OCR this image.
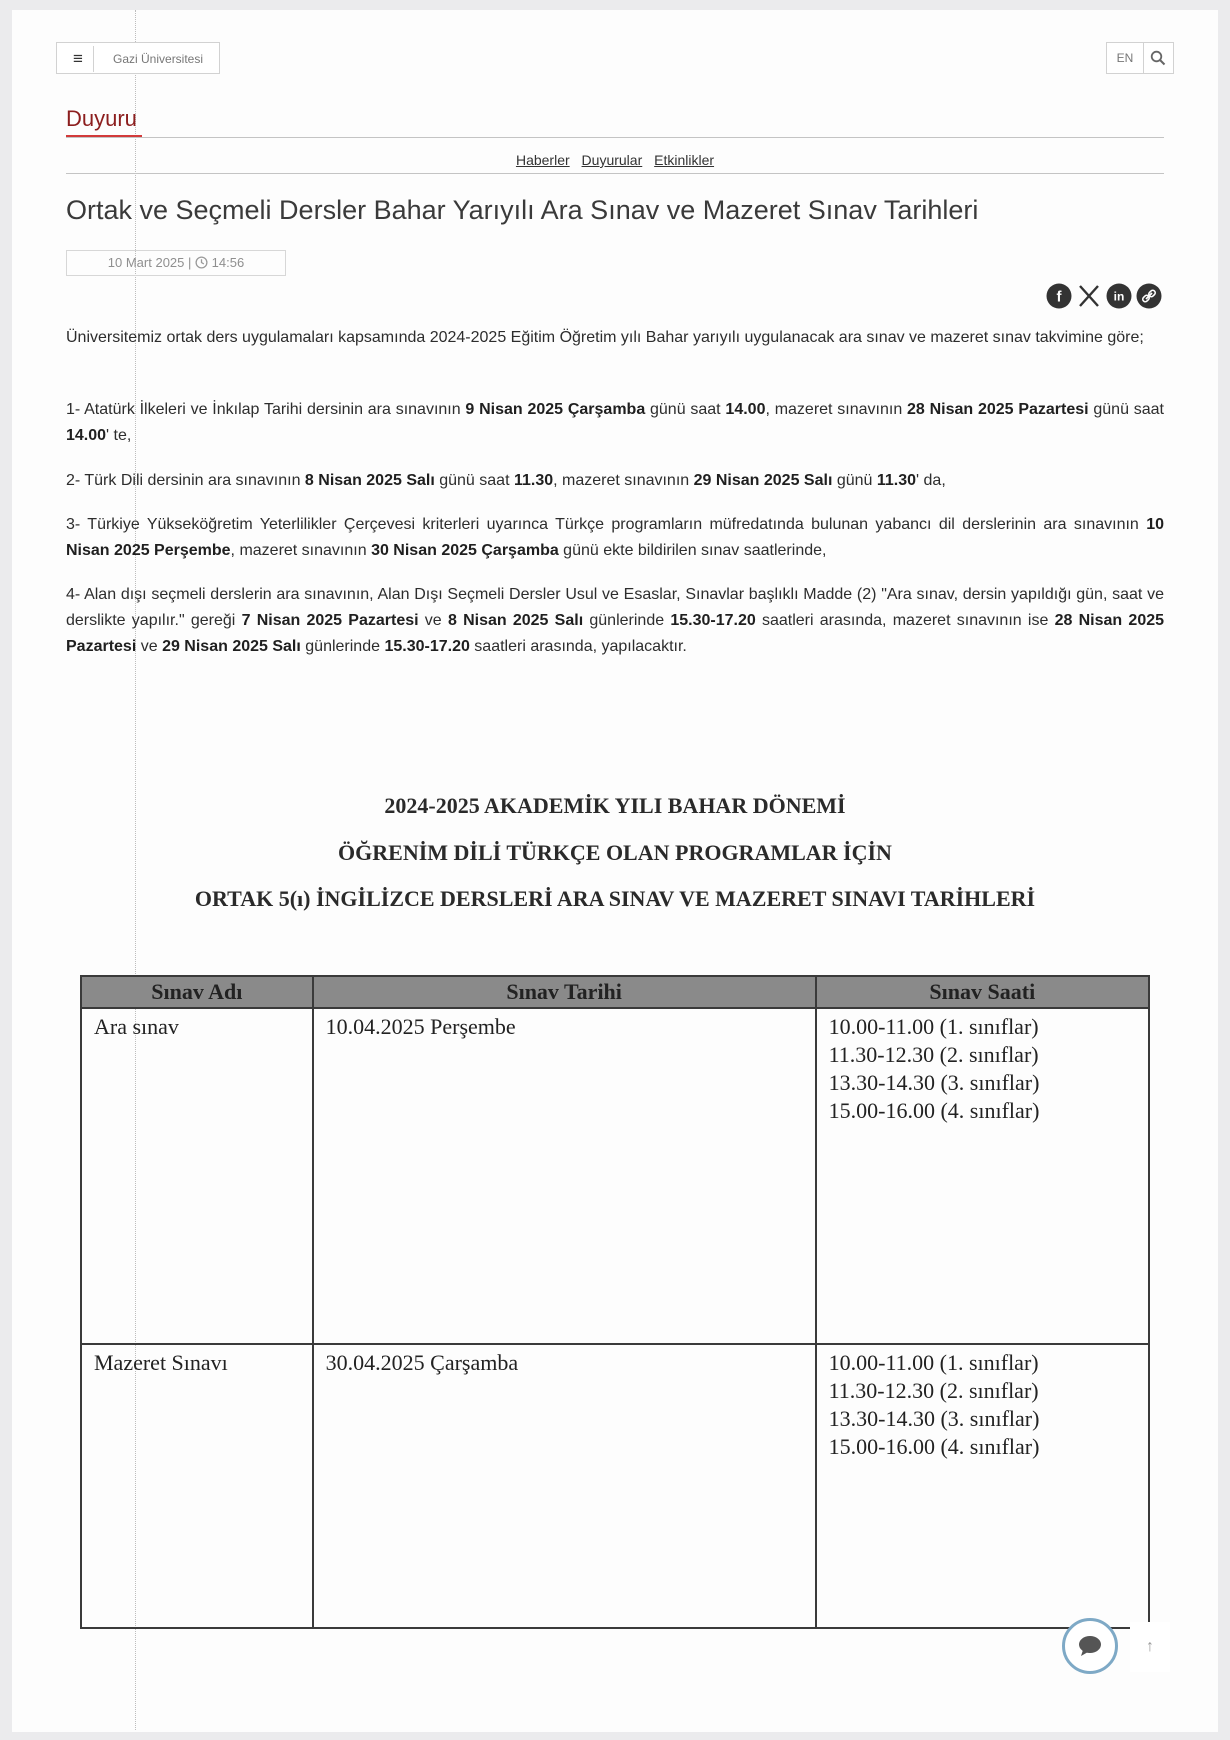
≡	Gazi Üniversitesi	EN
Duyuru
Haberler Duyurular Etkinlikler
Ortak ve Seçmeli Dersler Bahar Yarıyılı Ara Sınav ve Mazeret Sınav Tarihleri
10 Mart 2025 | 14:56
f	in
Üniversitemiz ortak ders uygulamaları kapsamında 2024-2025 Eğitim Öğretim yılı Bahar yarıyılı uygulanacak ara sınav ve mazeret sınav takvimine göre;
1- Atatürk İlkeleri ve İnkılap Tarihi dersinin ara sınavının 9 Nisan 2025 Çarşamba günü saat 14.00, mazeret sınavının 28 Nisan 2025 Pazartesi günü saat 14.00' te,
2- Türk Dili dersinin ara sınavının 8 Nisan 2025 Salı günü saat 11.30, mazeret sınavının 29 Nisan 2025 Salı günü 11.30' da,
3- Türkiye Yükseköğretim Yeterlilikler Çerçevesi kriterleri uyarınca Türkçe programların müfredatında bulunan yabancı dil derslerinin ara sınavının 10 Nisan 2025 Perşembe, mazeret sınavının 30 Nisan 2025 Çarşamba günü ekte bildirilen sınav saatlerinde,
4- Alan dışı seçmeli derslerin ara sınavının, Alan Dışı Seçmeli Dersler Usul ve Esaslar, Sınavlar başlıklı Madde (2) "Ara sınav, dersin yapıldığı gün, saat ve derslikte yapılır." gereği 7 Nisan 2025 Pazartesi ve 8 Nisan 2025 Salı günlerinde 15.30-17.20 saatleri arasında, mazeret sınavının ise 28 Nisan 2025 Pazartesi ve 29 Nisan 2025 Salı günlerinde 15.30-17.20 saatleri arasında, yapılacaktır.
2024-2025 AKADEMİK YILI BAHAR DÖNEMİ
ÖĞRENİM DİLİ TÜRKÇE OLAN PROGRAMLAR İÇİN
ORTAK 5(ı) İNGİLİZCE DERSLERİ ARA SINAV VE MAZERET SINAVI TARİHLERİ
Sınav Adı	Sınav Tarihi	Sınav Saati
Ara sınav	10.04.2025 Perşembe	10.00-11.00 (1. sınıflar)
11.30-12.30 (2. sınıflar)
13.30-14.30 (3. sınıflar)
15.00-16.00 (4. sınıflar)

Mazeret Sınavı	30.04.2025 Çarşamba	10.00-11.00 (1. sınıflar)
11.30-12.30 (2. sınıflar)
13.30-14.30 (3. sınıflar)
15.00-16.00 (4. sınıflar)
↑
